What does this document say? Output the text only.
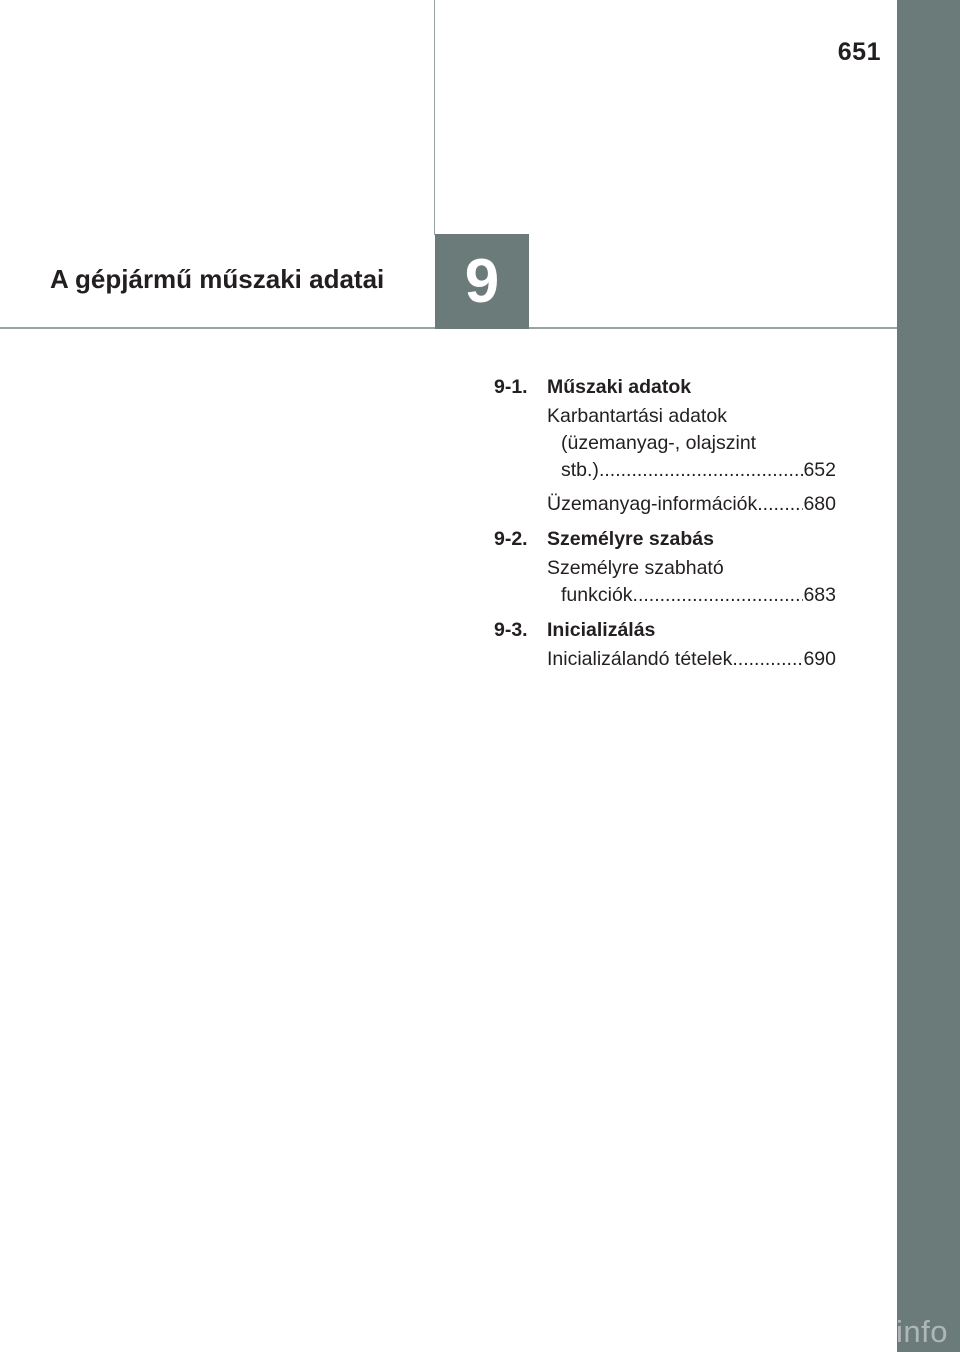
651
A gépjármű műszaki adatai 9
9-1. Műszaki adatok
Karbantartási adatok
(üzemanyag-, olajszint
stb.) .....	652
Üzemanyag-információk ..... 680
9-2. Személyre szabás
Személyre szabható
funkciók .....	683
9-3. Inicializálás
Inicializálandó tételek .....	690
carmanualsonline.info
